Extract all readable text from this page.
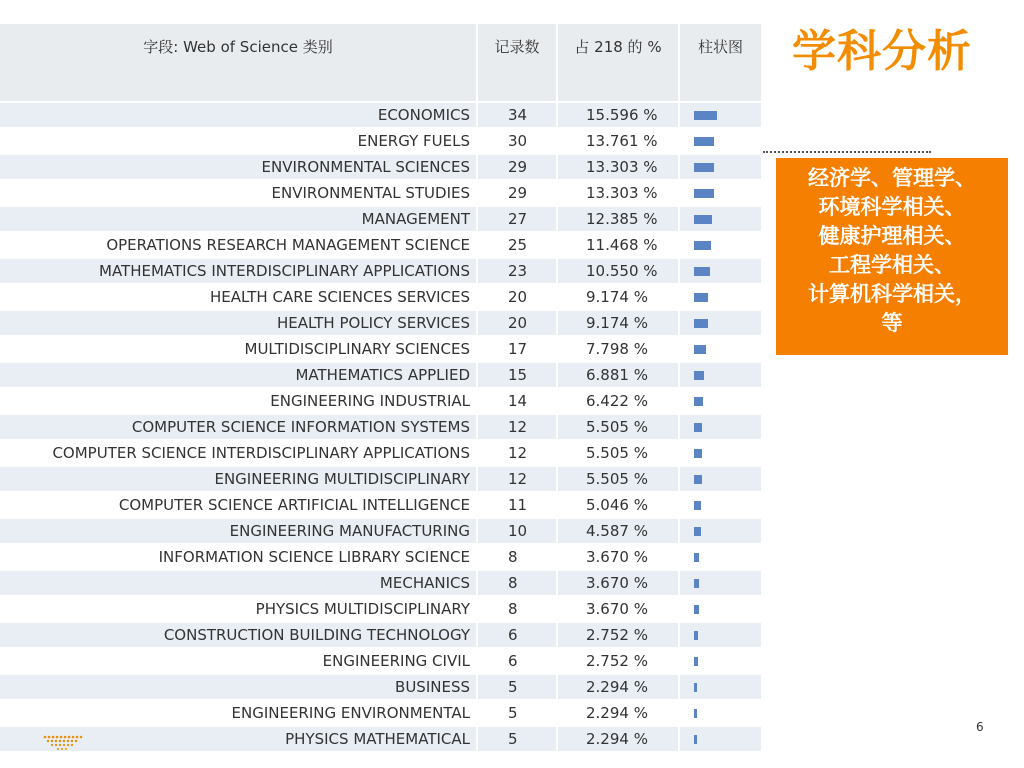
字段: Web of Science 类别	记录数	占 218 的 %	柱状图
ECONOMICS	34	15.596 %	

ENERGY FUELS	30	13.761 %	

ENVIRONMENTAL SCIENCES	29	13.303 %	

ENVIRONMENTAL STUDIES	29	13.303 %	

MANAGEMENT	27	12.385 %	

OPERATIONS RESEARCH MANAGEMENT SCIENCE	25	11.468 %	

MATHEMATICS INTERDISCIPLINARY APPLICATIONS	23	10.550 %	

HEALTH CARE SCIENCES SERVICES	20	9.174 %	

HEALTH POLICY SERVICES	20	9.174 %	

MULTIDISCIPLINARY SCIENCES	17	7.798 %	

MATHEMATICS APPLIED	15	6.881 %	

ENGINEERING INDUSTRIAL	14	6.422 %	

COMPUTER SCIENCE INFORMATION SYSTEMS	12	5.505 %	

COMPUTER SCIENCE INTERDISCIPLINARY APPLICATIONS	12	5.505 %	

ENGINEERING MULTIDISCIPLINARY	12	5.505 %	

COMPUTER SCIENCE ARTIFICIAL INTELLIGENCE	11	5.046 %	

ENGINEERING MANUFACTURING	10	4.587 %	

INFORMATION SCIENCE LIBRARY SCIENCE	8	3.670 %	

MECHANICS	8	3.670 %	

PHYSICS MULTIDISCIPLINARY	8	3.670 %	

CONSTRUCTION BUILDING TECHNOLOGY	6	2.752 %	

ENGINEERING CIVIL	6	2.752 %	

BUSINESS	5	2.294 %	

ENGINEERING ENVIRONMENTAL	5	2.294 %	

PHYSICS MATHEMATICAL	5	2.294 %	
学科分析
经济学、管理学、
环境科学相关、
健康护理相关、
工程学相关、
计算机科学相关，
等
6
